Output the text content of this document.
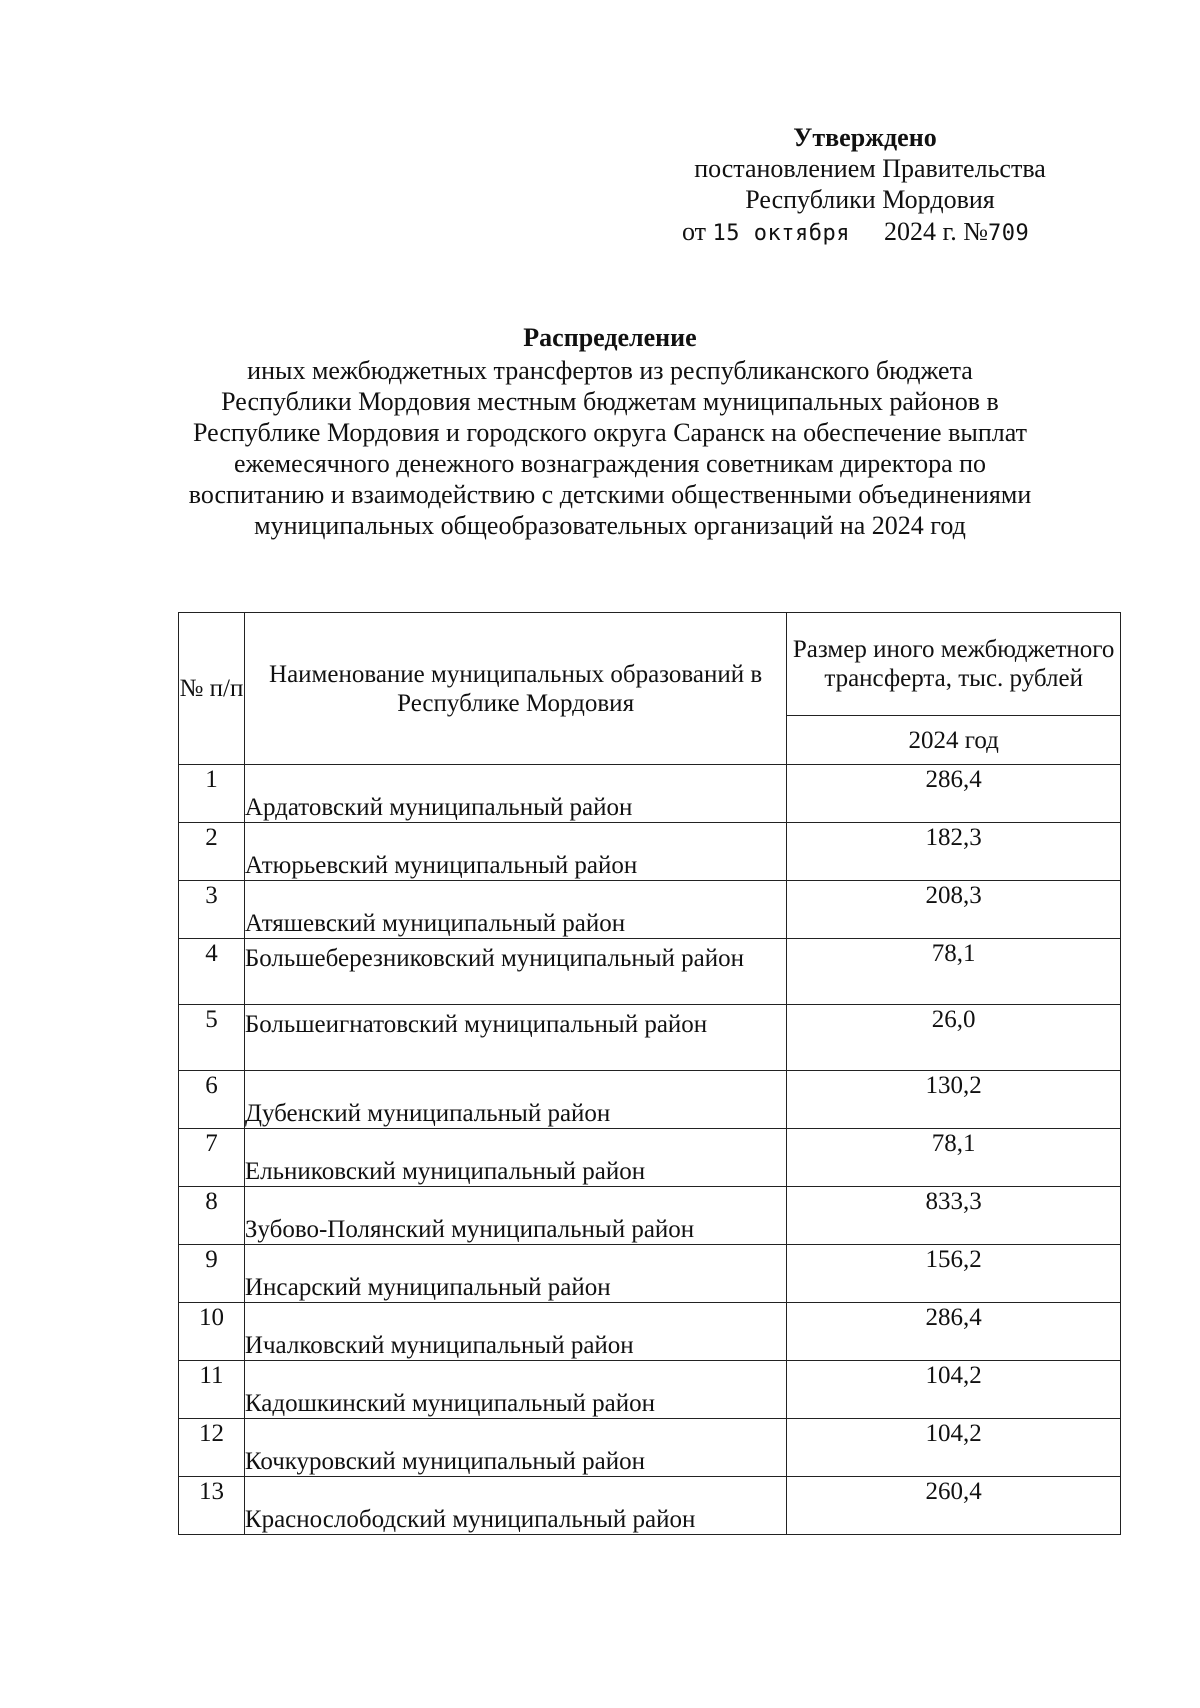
Утверждено
постановлением Правительства
Республики Мордовия
от 15 октября 2024 г. №709
Распределение
иных межбюджетных трансфертов из республиканского бюджета
Республики Мордовия местным бюджетам муниципальных районов в
Республике Мордовия и городского округа Саранск на обеспечение выплат
ежемесячного денежного вознаграждения советникам директора по
воспитанию и взаимодействию с детскими общественными объединениями
муниципальных общеобразовательных организаций на 2024 год
№ п/п	Наименование муниципальных образований в Республике Мордовия	Размер иного межбюджетного трансферта, тыс. рублей
		2024 год
1	Ардатовский муниципальный район	286,4
2	Атюрьевский муниципальный район	182,3
3	Атяшевский муниципальный район	208,3
4	Большеберезниковский муниципальный район	78,1
5	Большеигнатовский муниципальный район	26,0
6	Дубенский муниципальный район	130,2
7	Ельниковский муниципальный район	78,1
8	Зубово-Полянский муниципальный район	833,3
9	Инсарский муниципальный район	156,2
10	Ичалковский муниципальный район	286,4
11	Кадошкинский муниципальный район	104,2
12	Кочкуровский муниципальный район	104,2
13	Краснослободский муниципальный район	260,4
